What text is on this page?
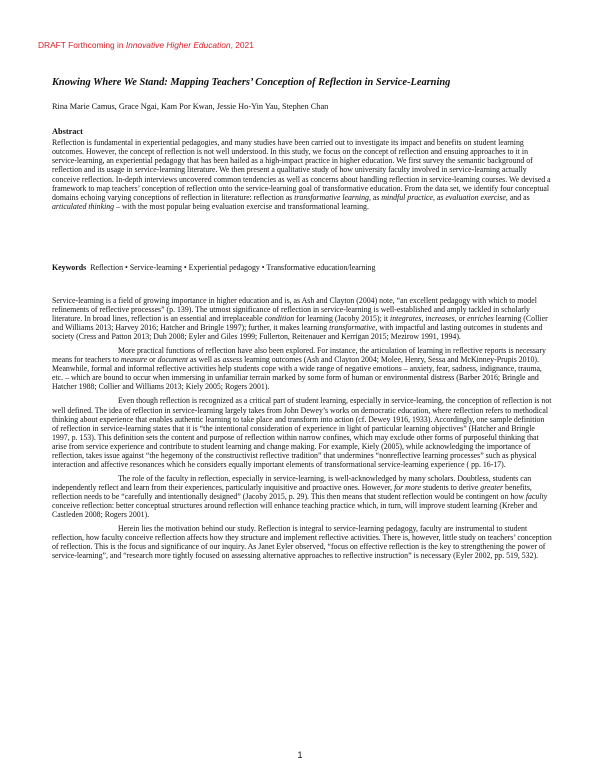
DRAFT Forthcoming in Innovative Higher Education, 2021
Knowing Where We Stand: Mapping Teachers’ Conception of Reflection in Service-Learning
Rina Marie Camus, Grace Ngai, Kam Por Kwan, Jessie Ho-Yin Yau, Stephen Chan
Abstract
Reflection is fundamental in experiential pedagogies, and many studies have been carried out to investigate its impact and benefits on student learning outcomes. However, the concept of reflection is not well understood. In this study, we focus on the concept of reflection and ensuing approaches to it in service-learning, an experiential pedagogy that has been hailed as a high-impact practice in higher education. We first survey the semantic background of reflection and its usage in service-learning literature. We then present a qualitative study of how university faculty involved in service-learning actually conceive reflection. In-depth interviews uncovered common tendencies as well as concerns about handling reflection in service-learning courses. We devised a framework to map teachers’ conception of reflection onto the service-learning goal of transformative education. From the data set, we identify four conceptual domains echoing varying conceptions of reflection in literature: reflection as transformative learning, as mindful practice, as evaluation exercise, and as articulated thinking – with the most popular being evaluation exercise and transformational learning.
Keywords Reflection • Service-learning • Experiential pedagogy • Transformative education/learning

Service-learning is a field of growing importance in higher education and is, as Ash and Clayton (2004) note, “an excellent pedagogy with which to model refinements of reflective processes” (p. 139). The utmost significance of reflection in service-learning is well-established and amply tackled in scholarly literature. In broad lines, reflection is an essential and irreplaceable condition for learning (Jacoby 2015); it integrates, increases, or enriches learning (Collier and Williams 2013; Harvey 2016; Hatcher and Bringle 1997); further, it makes learning transformative, with impactful and lasting outcomes in students and society (Cress and Patton 2013; Duh 2008; Eyler and Giles 1999; Fullerton, Reitenauer and Kerrigan 2015; Mezirow 1991, 1994).

More practical functions of reflection have also been explored. For instance, the articulation of learning in reflective reports is necessary means for teachers to measure or document as well as assess learning outcomes (Ash and Clayton 2004; Molee, Henry, Sessa and McKinney-Prupis 2010). Meanwhile, formal and informal reflective activities help students cope with a wide range of negative emotions – anxiety, fear, sadness, indignance, trauma, etc. – which are bound to occur when immersing in unfamiliar terrain marked by some form of human or environmental distress (Barber 2016; Bringle and Hatcher 1988; Collier and Williams 2013; Kiely 2005; Rogers 2001).

Even though reflection is recognized as a critical part of student learning, especially in service-learning, the conception of reflection is not well defined. The idea of reflection in service-learning largely takes from John Dewey’s works on democratic education, where reflection refers to methodical thinking about experience that enables authentic learning to take place and transform into action (cf. Dewey 1916, 1933). Accordingly, one sample definition of reflection in service-learning states that it is “the intentional consideration of experience in light of particular learning objectives” (Hatcher and Bringle 1997, p. 153). This definition sets the content and purpose of reflection within narrow confines, which may exclude other forms of purposeful thinking that arise from service experience and contribute to student learning and change making. For example, Kiely (2005), while acknowledging the importance of reflection, takes issue against “the hegemony of the constructivist reflective tradition” that undermines “nonreflective learning processes” such as physical interaction and affective resonances which he considers equally important elements of transformational service-learning experience ( pp. 16-17).

The role of the faculty in reflection, especially in service-learning, is well-acknowledged by many scholars. Doubtless, students can independently reflect and learn from their experiences, particularly inquisitive and proactive ones. However, for more students to derive greater benefits, reflection needs to be “carefully and intentionally designed” (Jacoby 2015, p. 29). This then means that student reflection would be contingent on how faculty conceive reflection: better conceptual structures around reflection will enhance teaching practice which, in turn, will improve student learning (Kreber and Castleden 2008; Rogers 2001).

Herein lies the motivation behind our study. Reflection is integral to service-learning pedagogy, faculty are instrumental to student reflection, how faculty conceive reflection affects how they structure and implement reflective activities. There is, however, little study on teachers’ conception of reflection. This is the focus and significance of our inquiry. As Janet Eyler observed, “focus on effective reflection is the key to strengthening the power of service-learning”, and “research more tightly focused on assessing alternative approaches to reflective instruction” is necessary (Eyler 2002, pp. 519, 532).

1
